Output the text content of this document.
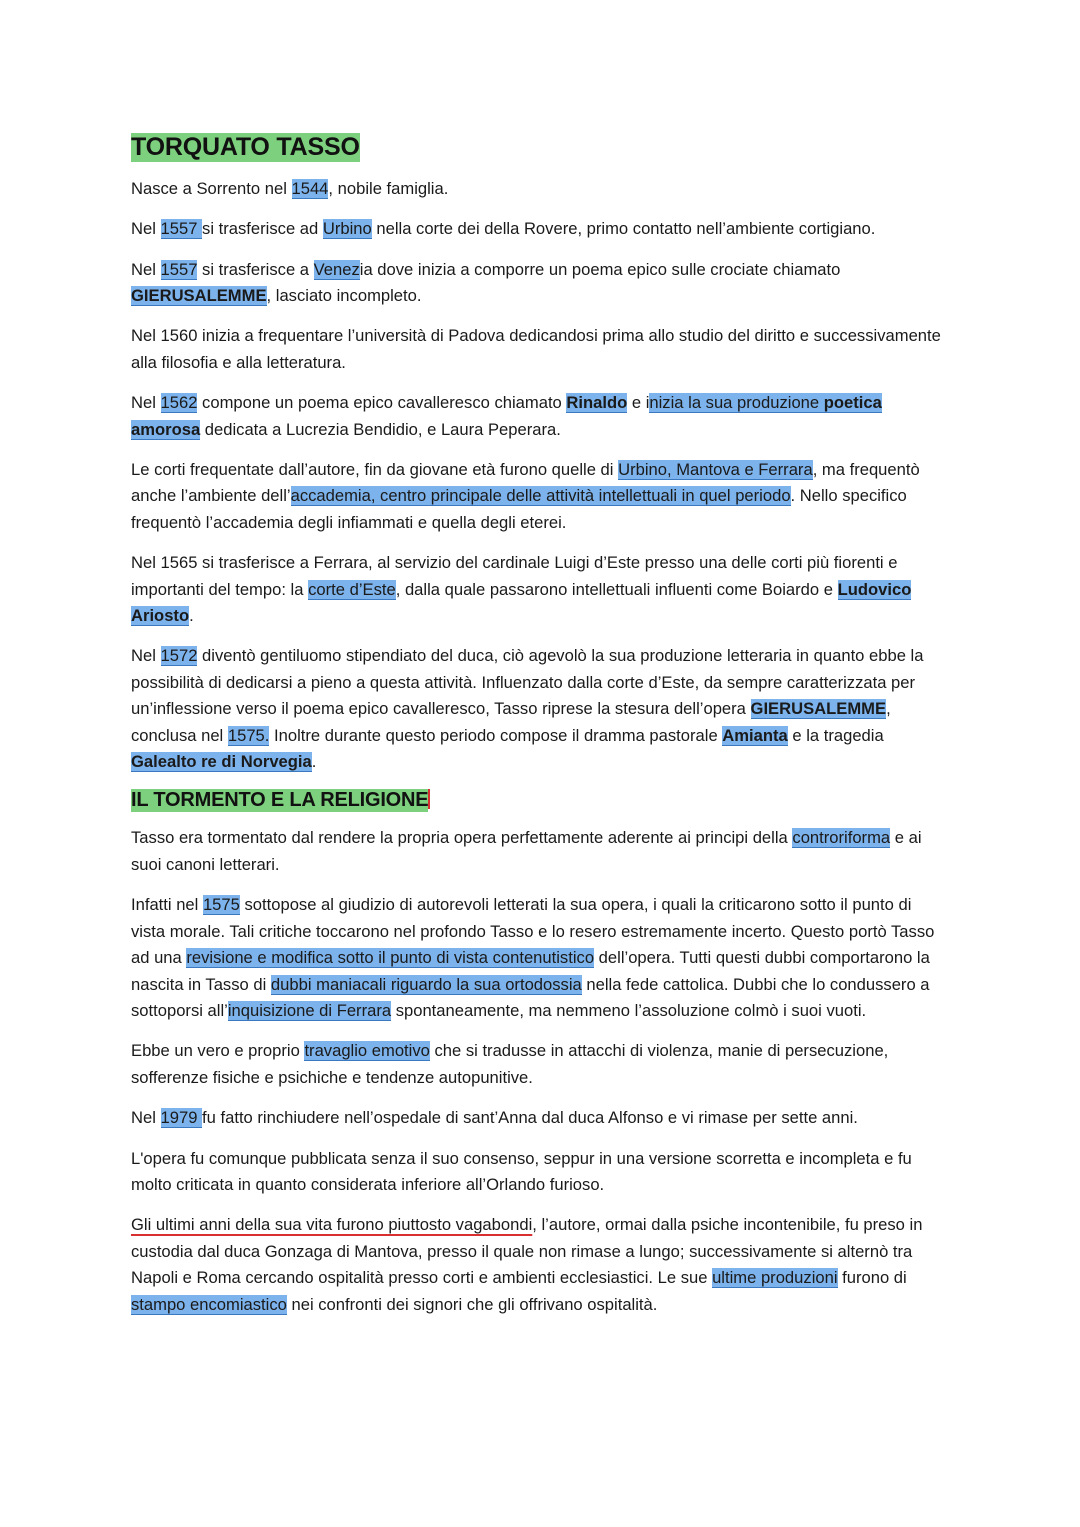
TORQUATO TASSO

Nasce a Sorrento nel 1544, nobile famiglia.

Nel 1557 si trasferisce ad Urbino nella corte dei della Rovere, primo contatto nell’ambiente cortigiano.

Nel 1557 si trasferisce a Venezia dove inizia a comporre un poema epico sulle crociate chiamato GIERUSALEMME, lasciato incompleto.

Nel 1560 inizia a frequentare l’università di Padova dedicandosi prima allo studio del diritto e successivamente alla filosofia e alla letteratura.

Nel 1562 compone un poema epico cavalleresco chiamato Rinaldo e inizia la sua produzione poetica amorosa dedicata a Lucrezia Bendidio, e Laura Peperara.

Le corti frequentate dall’autore, fin da giovane età furono quelle di Urbino, Mantova e Ferrara, ma frequentò anche l’ambiente dell’accademia, centro principale delle attività intellettuali in quel periodo. Nello specifico frequentò l’accademia degli infiammati e quella degli eterei.

Nel 1565 si trasferisce a Ferrara, al servizio del cardinale Luigi d’Este presso una delle corti più fiorenti e importanti del tempo: la corte d’Este, dalla quale passarono intellettuali influenti come Boiardo e Ludovico Ariosto.

Nel 1572 diventò gentiluomo stipendiato del duca, ciò agevolò la sua produzione letteraria in quanto ebbe la possibilità di dedicarsi a pieno a questa attività. Influenzato dalla corte d’Este, da sempre caratterizzata per un’inflessione verso il poema epico cavalleresco, Tasso riprese la stesura dell’opera GIERUSALEMME, conclusa nel 1575. Inoltre durante questo periodo compose il dramma pastorale Amianta e la tragedia Galealto re di Norvegia.

IL TORMENTO E LA RELIGIONE

Tasso era tormentato dal rendere la propria opera perfettamente aderente ai principi della controriforma e ai suoi canoni letterari.

Infatti nel 1575 sottopose al giudizio di autorevoli letterati la sua opera, i quali la criticarono sotto il punto di vista morale. Tali critiche toccarono nel profondo Tasso e lo resero estremamente incerto. Questo portò Tasso ad una revisione e modifica sotto il punto di vista contenutistico dell’opera. Tutti questi dubbi comportarono la nascita in Tasso di dubbi maniacali riguardo la sua ortodossia nella fede cattolica. Dubbi che lo condussero a sottoporsi all’inquisizione di Ferrara spontaneamente, ma nemmeno l’assoluzione colmò i suoi vuoti.

Ebbe un vero e proprio travaglio emotivo che si tradusse in attacchi di violenza, manie di persecuzione, sofferenze fisiche e psichiche e tendenze autopunitive.

Nel 1979 fu fatto rinchiudere nell’ospedale di sant’Anna dal duca Alfonso e vi rimase per sette anni.

L'opera fu comunque pubblicata senza il suo consenso, seppur in una versione scorretta e incompleta e fu molto criticata in quanto considerata inferiore all’Orlando furioso.

Gli ultimi anni della sua vita furono piuttosto vagabondi, l’autore, ormai dalla psiche incontenibile, fu preso in custodia dal duca Gonzaga di Mantova, presso il quale non rimase a lungo; successivamente si alternò tra Napoli e Roma cercando ospitalità presso corti e ambienti ecclesiastici. Le sue ultime produzioni furono di stampo encomiastico nei confronti dei signori che gli offrivano ospitalità.
